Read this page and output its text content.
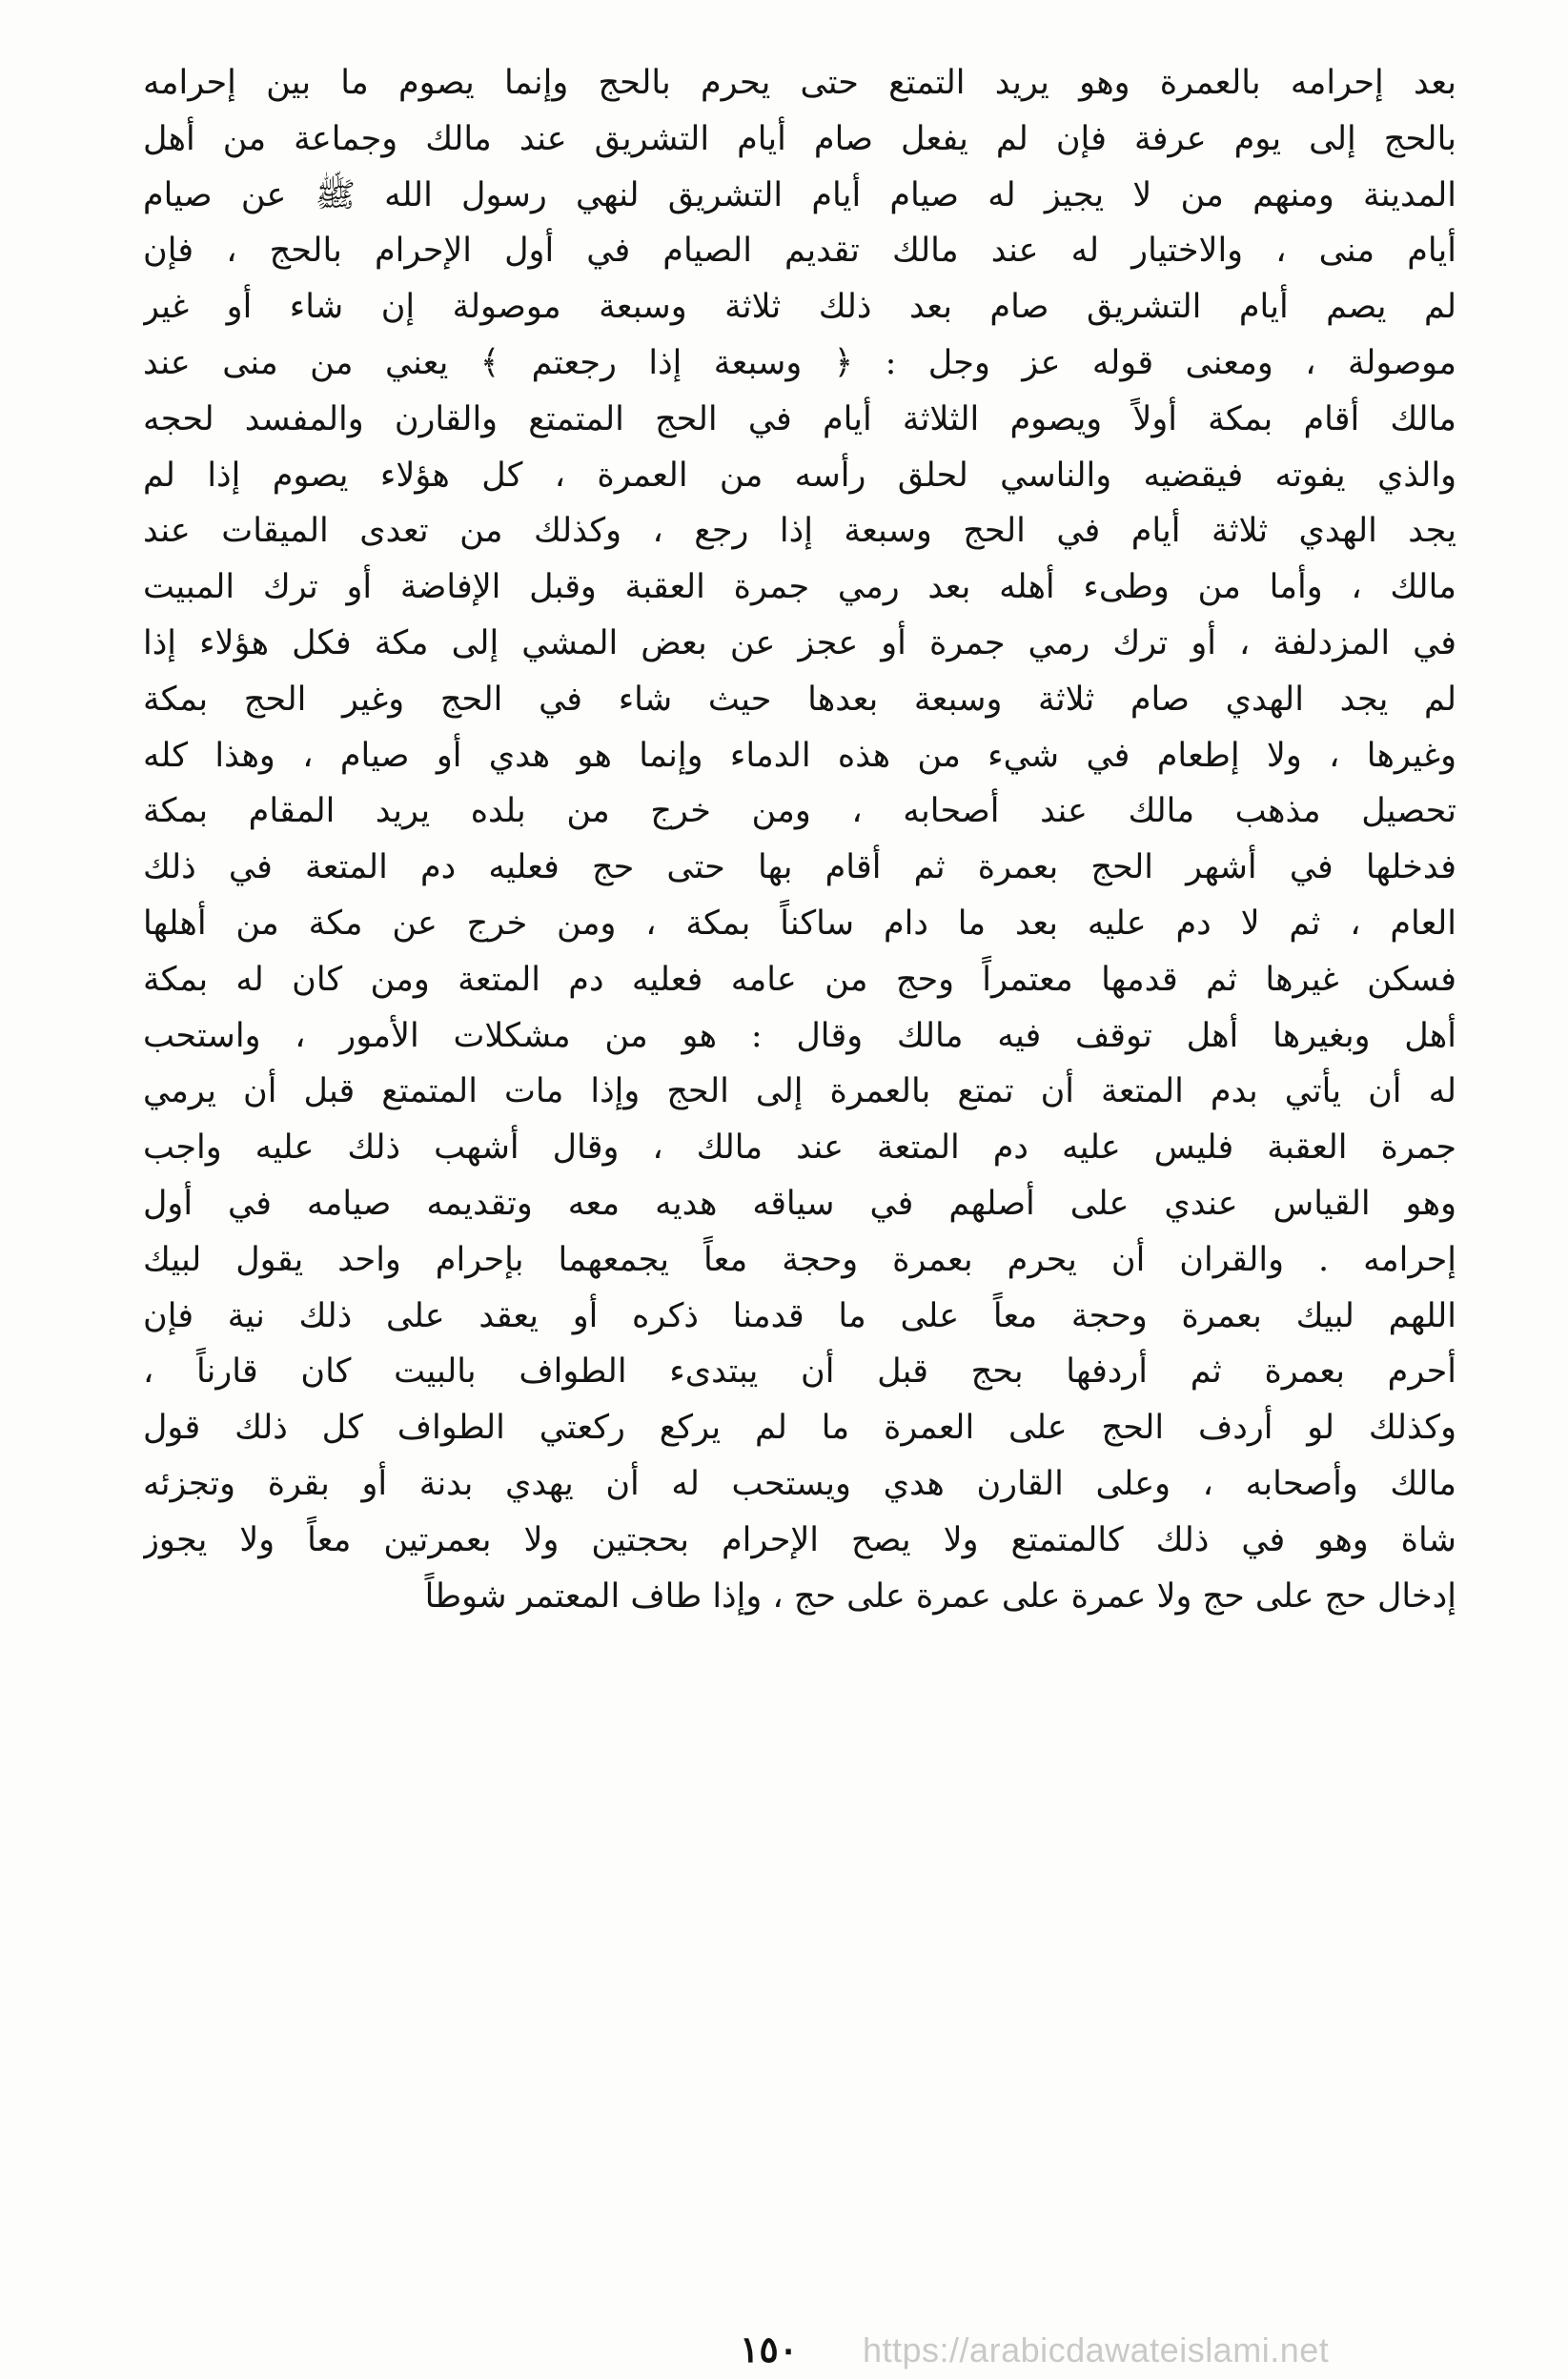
بعد إحرامه بالعمرة وهو يريد التمتع حتى يحرم بالحج وإنما يصوم ما بين إحرامه
بالحج إلى يوم عرفة فإن لم يفعل صام أيام التشريق عند مالك وجماعة من أهل
المدينة ومنهم من لا يجيز له صيام أيام التشريق لنهي رسول الله ﷺ عن صيام
أيام منى ، والاختيار له عند مالك تقديم الصيام في أول الإحرام بالحج ، فإن
لم يصم أيام التشريق صام بعد ذلك ثلاثة وسبعة موصولة إن شاء أو غير
موصولة ، ومعنى قوله عز وجل : ﴿ وسبعة إذا رجعتم ﴾ يعني من منى عند
مالك أقام بمكة أولاً ويصوم الثلاثة أيام في الحج المتمتع والقارن والمفسد لحجه
والذي يفوته فيقضيه والناسي لحلق رأسه من العمرة ، كل هؤلاء يصوم إذا لم
يجد الهدي ثلاثة أيام في الحج وسبعة إذا رجع ، وكذلك من تعدى الميقات عند
مالك ، وأما من وطىء أهله بعد رمي جمرة العقبة وقبل الإفاضة أو ترك المبيت
في المزدلفة ، أو ترك رمي جمرة أو عجز عن بعض المشي إلى مكة فكل هؤلاء إذا
لم يجد الهدي صام ثلاثة وسبعة بعدها حيث شاء في الحج وغير الحج بمكة
وغيرها ، ولا إطعام في شيء من هذه الدماء وإنما هو هدي أو صيام ، وهذا كله
تحصيل مذهب مالك عند أصحابه ، ومن خرج من بلده يريد المقام بمكة
فدخلها في أشهر الحج بعمرة ثم أقام بها حتى حج فعليه دم المتعة في ذلك
العام ، ثم لا دم عليه بعد ما دام ساكناً بمكة ، ومن خرج عن مكة من أهلها
فسكن غيرها ثم قدمها معتمراً وحج من عامه فعليه دم المتعة ومن كان له بمكة
أهل وبغيرها أهل توقف فيه مالك وقال : هو من مشكلات الأمور ، واستحب
له أن يأتي بدم المتعة أن تمتع بالعمرة إلى الحج وإذا مات المتمتع قبل أن يرمي
جمرة العقبة فليس عليه دم المتعة عند مالك ، وقال أشهب ذلك عليه واجب
وهو القياس عندي على أصلهم في سياقه هديه معه وتقديمه صيامه في أول
إحرامه . والقران أن يحرم بعمرة وحجة معاً يجمعهما بإحرام واحد يقول لبيك
اللهم لبيك بعمرة وحجة معاً على ما قدمنا ذكره أو يعقد على ذلك نية فإن
أحرم بعمرة ثم أردفها بحج قبل أن يبتدىء الطواف بالبيت كان قارناً ،
وكذلك لو أردف الحج على العمرة ما لم يركع ركعتي الطواف كل ذلك قول
مالك وأصحابه ، وعلى القارن هدي ويستحب له أن يهدي بدنة أو بقرة وتجزئه
شاة وهو في ذلك كالمتمتع ولا يصح الإحرام بحجتين ولا بعمرتين معاً ولا يجوز
إدخال حج على حج ولا عمرة على عمرة على حج ، وإذا طاف المعتمر شوطاً
١٥٠ https://arabicdawateislami.net
